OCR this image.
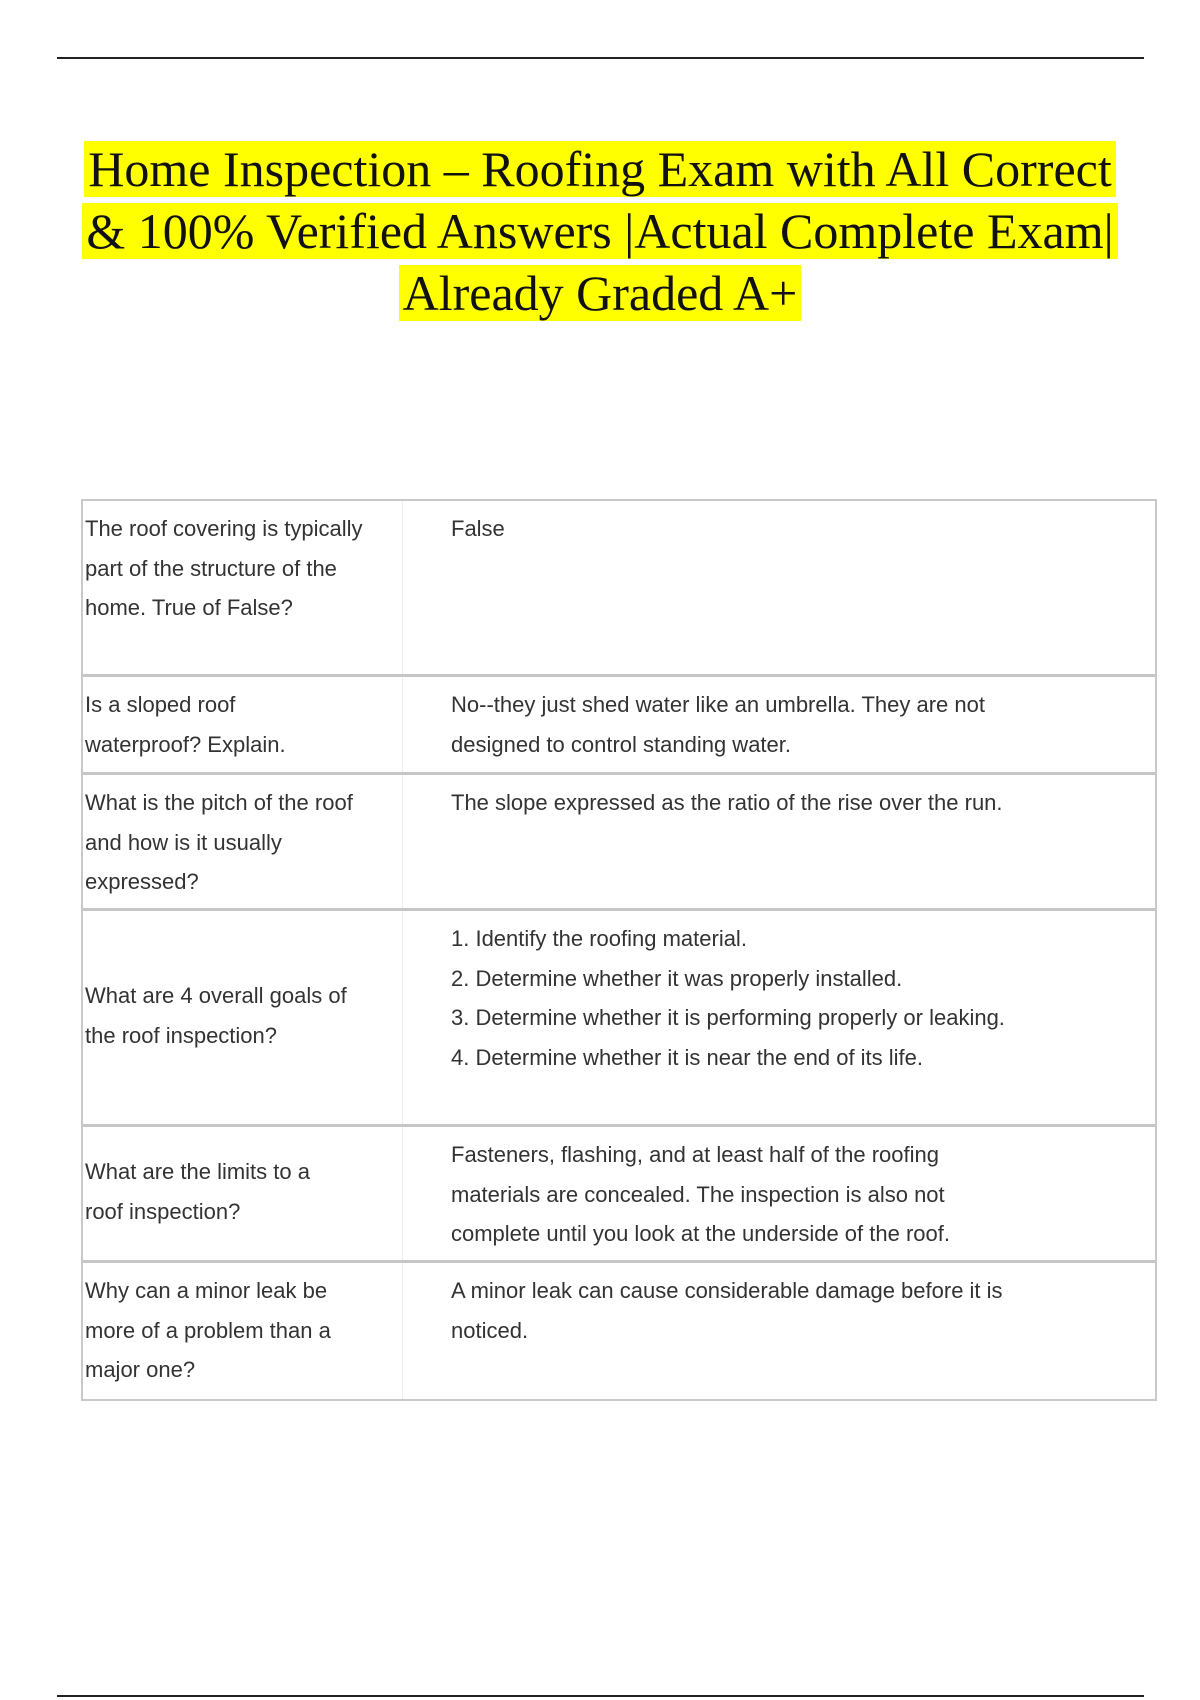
Home Inspection – Roofing Exam with All Correct
& 100% Verified Answers |Actual Complete Exam|
Already Graded A+
The roof covering is typically part of the structure of the home. True of False?
False
Is a sloped roof waterproof? Explain.
No--they just shed water like an umbrella. They are not designed to control standing water.
What is the pitch of the roof and how is it usually expressed?
The slope expressed as the ratio of the rise over the run.
What are 4 overall goals of the roof inspection?
1. Identify the roofing material.
2. Determine whether it was properly installed.
3. Determine whether it is performing properly or leaking.
4. Determine whether it is near the end of its life.
What are the limits to a roof inspection?
Fasteners, flashing, and at least half of the roofing materials are concealed. The inspection is also not complete until you look at the underside of the roof.
Why can a minor leak be more of a problem than a major one?
A minor leak can cause considerable damage before it is noticed.
